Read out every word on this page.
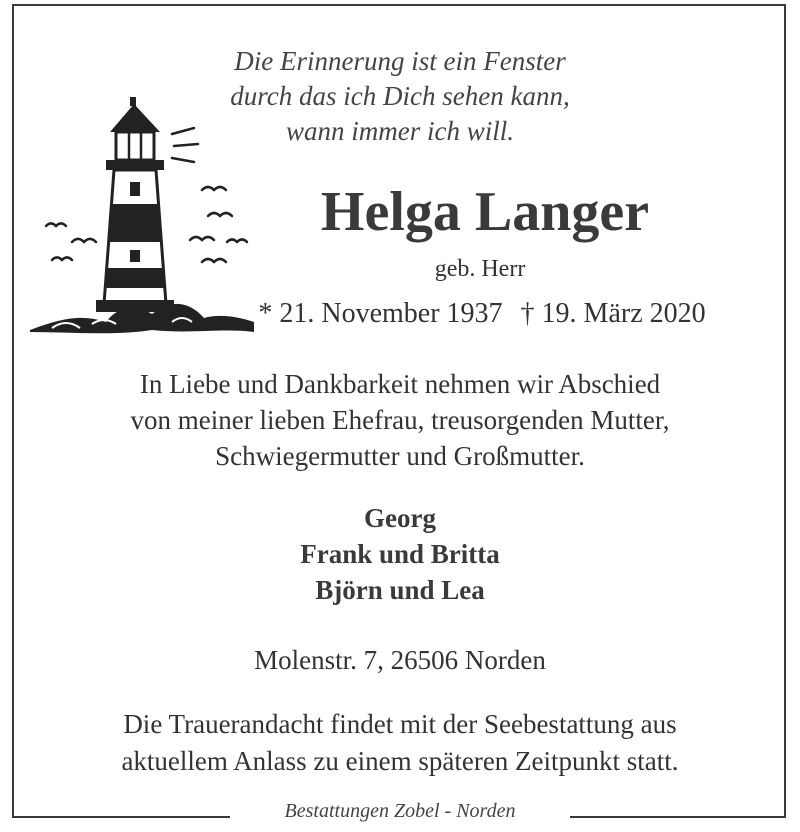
Die Erinnerung ist ein Fenster
durch das ich Dich sehen kann,
wann immer ich will.
Helga Langer
geb. Herr
* 21. November 1937 † 19. März 2020
In Liebe und Dankbarkeit nehmen wir Abschied
von meiner lieben Ehefrau, treusorgenden Mutter,
Schwiegermutter und Großmutter.
Georg
Frank und Britta
Björn und Lea
Molenstr. 7, 26506 Norden
Die Trauerandacht findet mit der Seebestattung aus
aktuellem Anlass zu einem späteren Zeitpunkt statt.
Bestattungen Zobel - Norden
